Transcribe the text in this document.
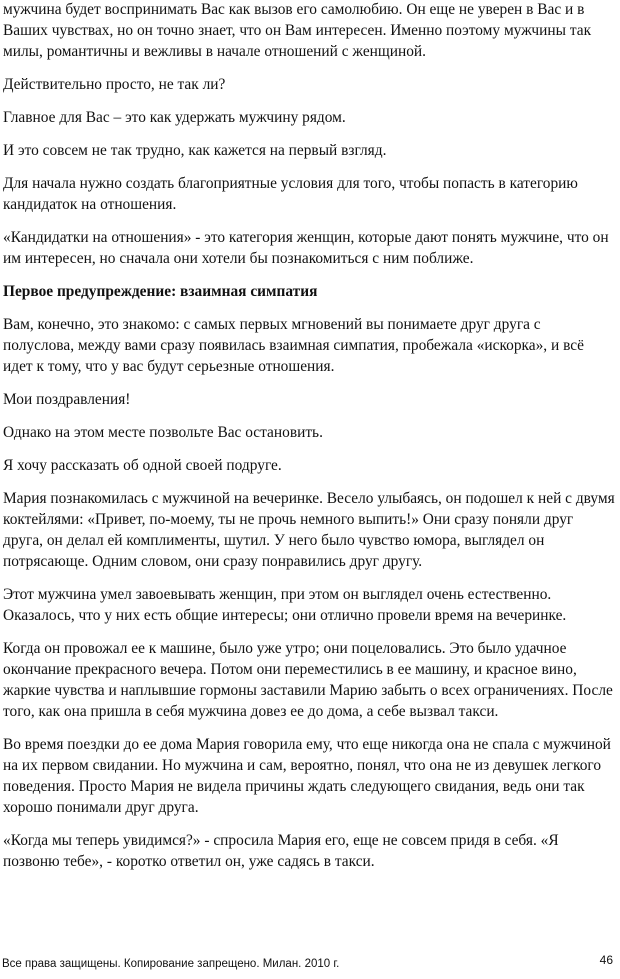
мужчина будет воспринимать Вас как вызов его самолюбию. Он еще не уверен в Вас и в Ваших чувствах, но он точно знает, что он Вам интересен. Именно поэтому мужчины так милы, романтичны и вежливы в начале отношений с женщиной.

Действительно просто, не так ли?

Главное для Вас – это как удержать мужчину рядом.

И это совсем не так трудно, как кажется на первый взгляд.

Для начала нужно создать благоприятные условия для того, чтобы попасть в категорию кандидаток на отношения.

«Кандидатки на отношения» - это категория женщин, которые дают понять мужчине, что он им интересен, но сначала они хотели бы познакомиться с ним поближе.

Первое предупреждение: взаимная симпатия

Вам, конечно, это знакомо: с самых первых мгновений вы понимаете друг друга с полуслова, между вами сразу появилась взаимная симпатия, пробежала «искорка», и всё идет к тому, что у вас будут серьезные отношения.

Мои поздравления!

Однако на этом месте позвольте Вас остановить.

Я хочу рассказать об одной своей подруге.

Мария познакомилась с мужчиной на вечеринке. Весело улыбаясь, он подошел к ней с двумя коктейлями: «Привет, по-моему, ты не прочь немного выпить!» Они сразу поняли друг друга, он делал ей комплименты, шутил. У него было чувство юмора, выглядел он потрясающе. Одним словом, они сразу понравились друг другу.

Этот мужчина умел завоевывать женщин, при этом он выглядел очень естественно. Оказалось, что у них есть общие интересы; они отлично провели время на вечеринке.

Когда он провожал ее к машине, было уже утро; они поцеловались. Это было удачное окончание прекрасного вечера. Потом они переместились в ее машину, и красное вино, жаркие чувства и наплывшие гормоны заставили Марию забыть о всех ограничениях. После того, как она пришла в себя мужчина довез ее до дома, а себе вызвал такси.

Во время поездки до ее дома Мария говорила ему, что еще никогда она не спала с мужчиной на их первом свидании. Но мужчина и сам, вероятно, понял, что она не из девушек легкого поведения. Просто Мария не видела причины ждать следующего свидания, ведь они так хорошо понимали друг друга.

«Когда мы теперь увидимся?» - спросила Мария его, еще не совсем придя в себя. «Я позвоню тебе», - коротко ответил он, уже садясь в такси.

Все права защищены. Копирование запрещено. Милан. 2010 г.	46
